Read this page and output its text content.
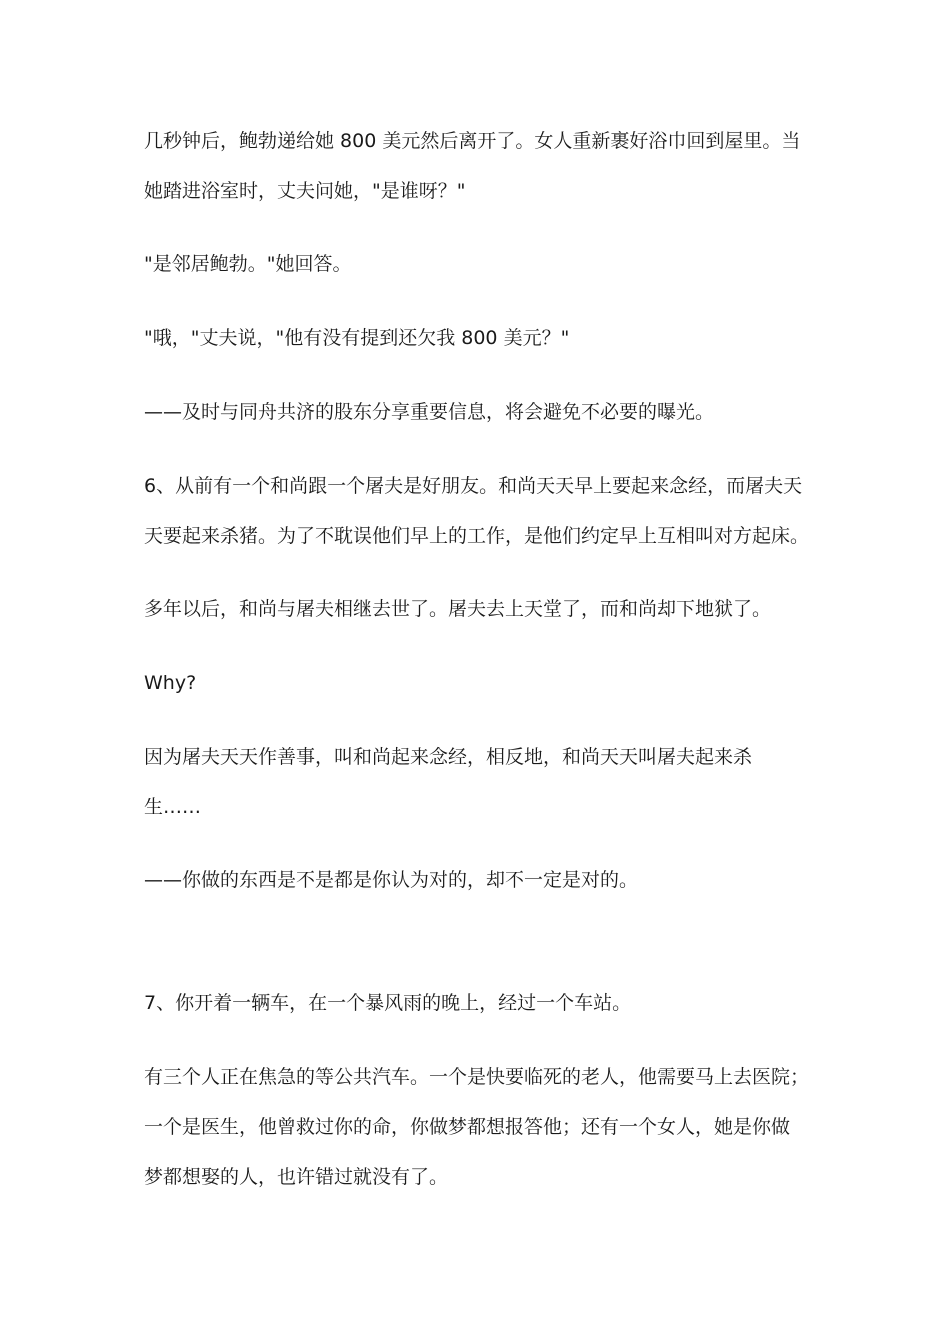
几秒钟后，鲍勃递给她 800 美元然后离开了。女人重新裹好浴巾回到屋里。当
她踏进浴室时，丈夫问她，"是谁呀？"

"是邻居鲍勃。"她回答。

"哦，"丈夫说，"他有没有提到还欠我 800 美元？"

——及时与同舟共济的股东分享重要信息，将会避免不必要的曝光。

6、从前有一个和尚跟一个屠夫是好朋友。和尚天天早上要起来念经，而屠夫天
天要起来杀猪。为了不耽误他们早上的工作，是他们约定早上互相叫对方起床。

多年以后，和尚与屠夫相继去世了。屠夫去上天堂了，而和尚却下地狱了。

Why?

因为屠夫天天作善事，叫和尚起来念经，相反地，和尚天天叫屠夫起来杀
生……

——你做的东西是不是都是你认为对的，却不一定是对的。

7、你开着一辆车，在一个暴风雨的晚上，经过一个车站。

有三个人正在焦急的等公共汽车。一个是快要临死的老人，他需要马上去医院；
一个是医生，他曾救过你的命，你做梦都想报答他；还有一个女人，她是你做
梦都想娶的人，也许错过就没有了。
